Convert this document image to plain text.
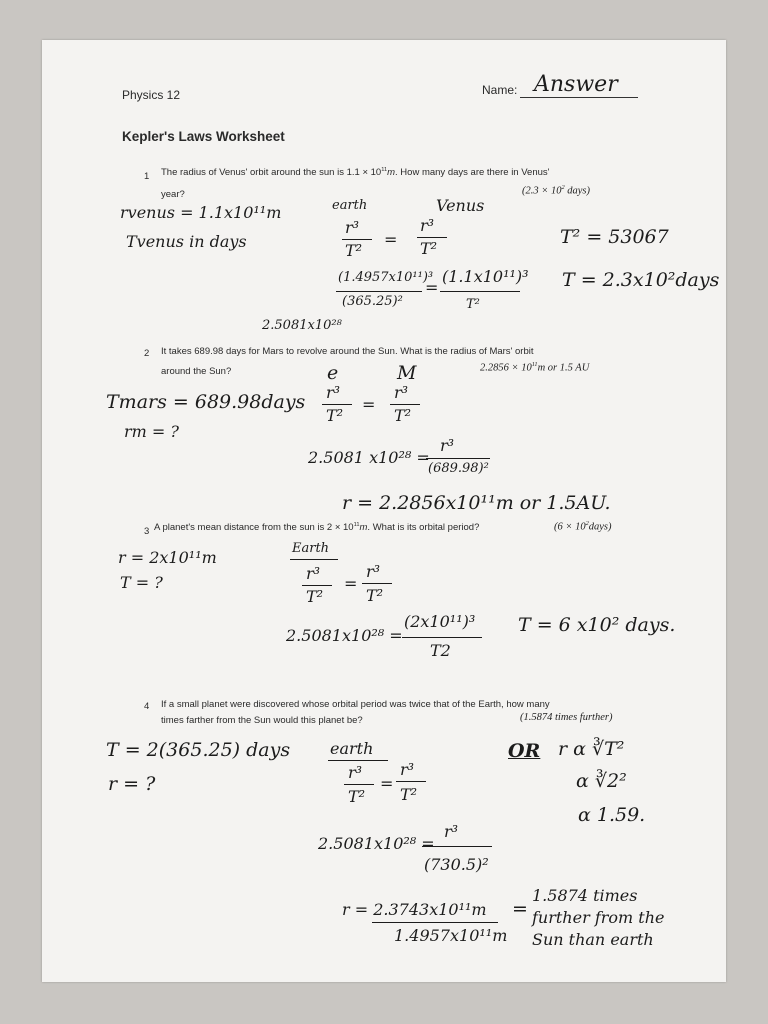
Physics 12	Name: Answer
Kepler's Laws Worksheet
1 The radius of Venus' orbit around the sun is $1.1 \times 10^{11}m$. How many days are there in Venus'
year?	($2.3 \times 10^2$ days)
rvenus = 1.1x10¹¹m
Tvenus in days
earth	Venus
r³
T²
=
r³
T²
T² = 53067
(1.4957x10¹¹)³
(365.25)²
=
(1.1x10¹¹)³
T²
2.5081x10²⁸
T = 2.3x10²days
2 It takes 689.98 days for Mars to revolve around the Sun. What is the radius of Mars' orbit
around the Sun?	$2.2856 \times 10^{11}m$ or 1.5 AU
Tmars = 689.98days
rm = ?
e	M
r³
T²
=
r³
T²
2.5081 x10²⁸ =
r³
(689.98)²
r = 2.2856x10¹¹m or 1.5AU.
3 A planet's mean distance from the sun is $2 \times 10^{11}m$. What is its orbital period?	$(6 \times 10^2days)$
r = 2x10¹¹m
T = ?
Earth
r³
T²
=
r³
T²
2.5081x10²⁸ =
(2x10¹¹)³
T2
T = 6 x10² days.
4 If a small planet were discovered whose orbital period was twice that of the Earth, how many
times farther from the Sun would this planet be?	(1.5874 times further)
T = 2(365.25) days
r = ?
earth
r³
T²
=
r³
T²
OR r α ∛T²
α ∛2²
α 1.59.
2.5081x10²⁸ =
r³
(730.5)²
r = 2.3743x10¹¹m
1.4957x10¹¹m
=
1.5874 times
further from the
Sun than earth
